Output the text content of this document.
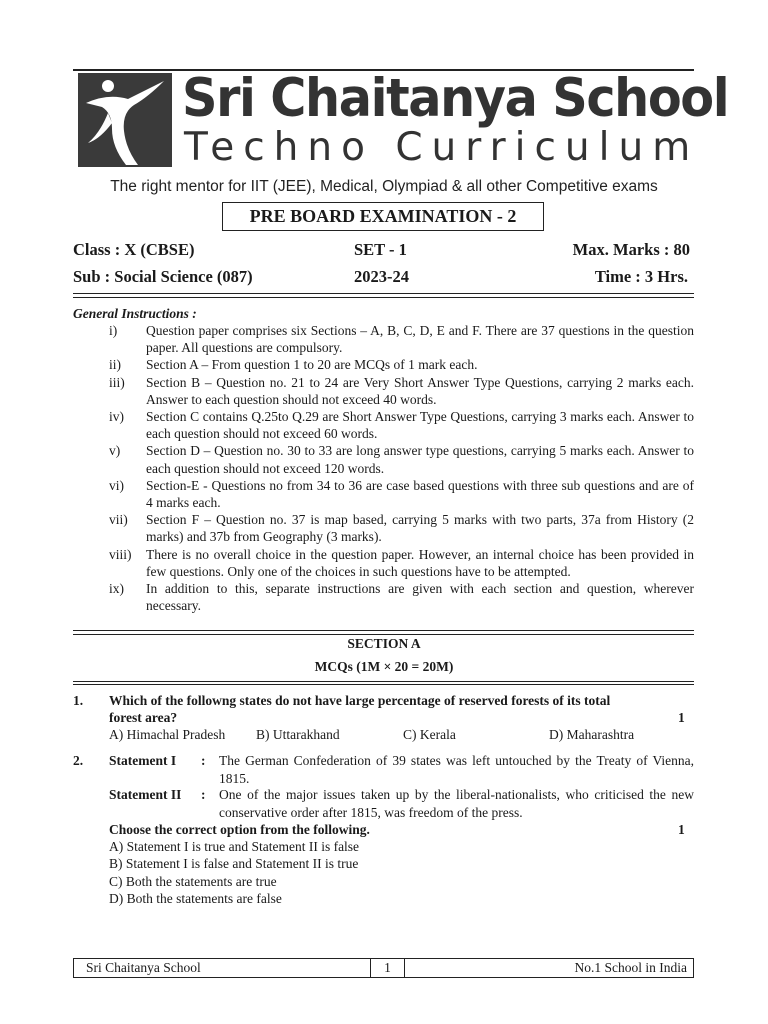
Sri Chaitanya School
Techno Curriculum
The right mentor for IIT (JEE), Medical, Olympiad & all other Competitive exams
PRE BOARD EXAMINATION - 2
Class : X (CBSE)	SET - 1	Max. Marks : 80
Sub : Social Science (087)	2023-24	Time : 3 Hrs.
General Instructions :
i)	Question paper comprises six Sections – A, B, C, D, E and F. There are 37 questions in the question paper. All questions are compulsory.
ii)	Section A – From question 1 to 20 are MCQs of 1 mark each.
iii)	Section B – Question no. 21 to 24 are Very Short Answer Type Questions, carrying 2 marks each. Answer to each question should not exceed 40 words.
iv)	Section C contains Q.25to Q.29 are Short Answer Type Questions, carrying 3 marks each. Answer to each question should not exceed 60 words.
v)	Section D – Question no. 30 to 33 are long answer type questions, carrying 5 marks each. Answer to each question should not exceed 120 words.
vi)	Section-E - Questions no from 34 to 36 are case based questions with three sub questions and are of 4 marks each.
vii)	Section F – Question no. 37 is map based, carrying 5 marks with two parts, 37a from History (2 marks) and 37b from Geography (3 marks).
viii)	There is no overall choice in the question paper. However, an internal choice has been provided in few questions. Only one of the choices in such questions have to be attempted.
ix)	In addition to this, separate instructions are given with each section and question, wherever necessary.
SECTION A
MCQs (1M × 20 = 20M)
1. Which of the followng states do not have large percentage of reserved forests of its total
forest area?	1
A) Himachal Pradesh B) Uttarakhand	C) Kerala	D) Maharashtra
2. Statement I : The German Confederation of 39 states was left untouched by the Treaty of Vienna, 1815.
Statement II : One of the major issues taken up by the liberal-nationalists, who criticised the new conservative order after 1815, was freedom of the press.
Choose the correct option from the following.	1
A) Statement I is true and Statement II is false
B) Statement I is false and Statement II is true
C) Both the statements are true
D) Both the statements are false
Sri Chaitanya School	1	No.1 School in India
